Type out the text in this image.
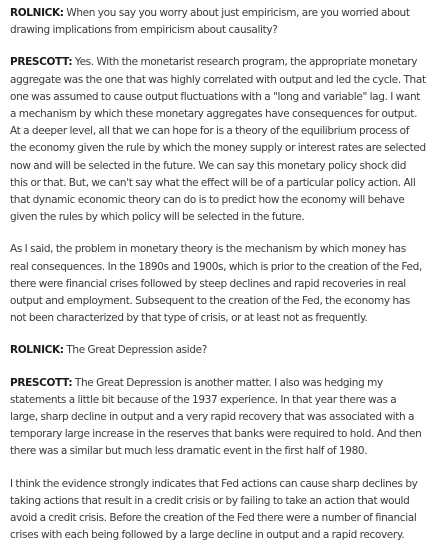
ROLNICK: When you say you worry about just empiricism, are you worried about drawing implications from empiricism about causality?

PRESCOTT: Yes. With the monetarist research program, the appropriate monetary aggregate was the one that was highly correlated with output and led the cycle. That one was assumed to cause output fluctuations with a "long and variable" lag. I want a mechanism by which these monetary aggregates have consequences for output. At a deeper level, all that we can hope for is a theory of the equilibrium process of the economy given the rule by which the money supply or interest rates are selected now and will be selected in the future. We can say this monetary policy shock did this or that. But, we can't say what the effect will be of a particular policy action. All that dynamic economic theory can do is to predict how the economy will behave given the rules by which policy will be selected in the future.

As I said, the problem in monetary theory is the mechanism by which money has real consequences. In the 1890s and 1900s, which is prior to the creation of the Fed, there were financial crises followed by steep declines and rapid recoveries in real output and employment. Subsequent to the creation of the Fed, the economy has not been characterized by that type of crisis, or at least not as frequently.

ROLNICK: The Great Depression aside?

PRESCOTT: The Great Depression is another matter. I also was hedging my statements a little bit because of the 1937 experience. In that year there was a large, sharp decline in output and a very rapid recovery that was associated with a temporary large increase in the reserves that banks were required to hold. And then there was a similar but much less dramatic event in the first half of 1980.

I think the evidence strongly indicates that Fed actions can cause sharp declines by taking actions that result in a credit crisis or by failing to take an action that would avoid a credit crisis. Before the creation of the Fed there were a number of financial crises with each being followed by a large decline in output and a rapid recovery.
